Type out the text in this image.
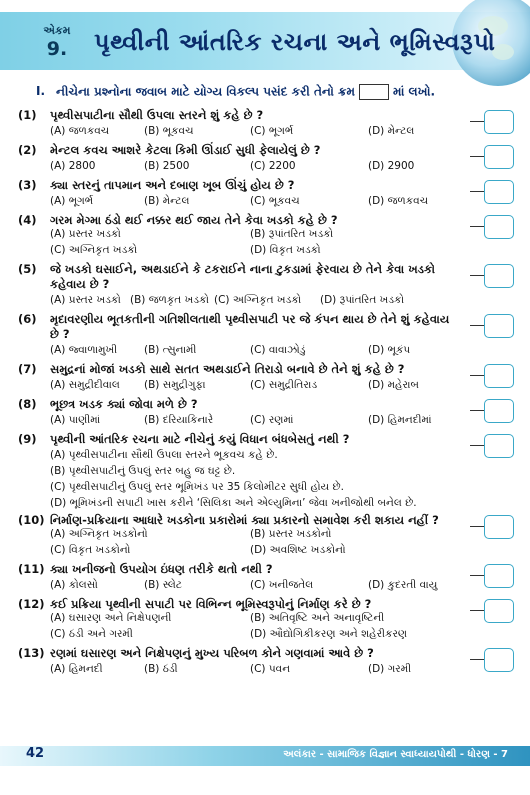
એકમ
9.	પૃથ્વીની આંતરિક રચના અને ભૂમિસ્વરૂપો
I. નીચેના પ્રશ્નોના જવાબ માટે યોગ્ય વિકલ્પ પસંદ કરી તેનો ક્રમ	માં લખો.
(1) પૃથ્વીસપાટીના સૌથી ઉપલા સ્તરને શું કહે છે ?
(A) જળકવચ	(B) ભૂકવચ	(C) ભૂગર્ભ	(D) મેન્ટલ
(2) મેન્ટલ કવચ આશરે કેટલા કિમી ઊંડાઈ સુધી ફેલાયેલું છે ?
(A) 2800	(B) 2500	(C) 2200	(D) 2900
(3) ક્યા સ્તરનું તાપમાન અને દબાણ ખૂબ ઊંચું હોય છે ?
(A) ભૂગર્ભ	(B) મેન્ટલ	(C) ભૂકવચ	(D) જળકવચ
(4) ગરમ મેગ્મા ઠંડો થઈ નક્કર થઈ જાય તેને કેવા ખડકો કહે છે ?
(A) પ્રસ્તર ખડકો	(B) રૂપાંતરિત ખડકો
(C) અગ્નિકૃત ખડકો	(D) વિકૃત ખડકો
(5) જે ખડકો ઘસાઈને, અથડાઈને કે ટકરાઈને નાના ટુકડામાં ફેરવાય છે તેને કેવા ખડકો કહેવાય છે ?
(A) પ્રસ્તર ખડકો (B) જળકૃત ખડકો (C) અગ્નિકૃત ખડકો (D) રૂપાંતરિત ખડકો
(6) મૃદાવરણીય ભૂતકતીની ગતિશીલતાથી પૃથ્વીસપાટી પર જે કંપન થાય છે તેને શું કહેવાય છે ?
(A) જ્વાળામુખી	(B) ત્સુનામી	(C) વાવાઝોડું	(D) ભૂકંપ
(7) સમુદ્રનાં મોજાં ખડકો સાથે સતત અથડાઈને તિરાડો બનાવે છે તેને શું કહે છે ?
(A) સમુદ્રીદીવાલ (B) સમુદ્રીગુફા	(C) સમુદ્રીતિરાડ	(D) મહેરાબ
(8) ભૂછત્ર ખડક ક્યાં જોવા મળે છે ?
(A) પાણીમાં	(B) દરિયાકિનારે	(C) રણમાં	(D) હિમનદીમાં
(9) પૃથ્વીની આંતરિક રચના માટે નીચેનું કયું વિધાન બંધબેસતું નથી ?
(A) પૃથ્વીસપાટીના સૌથી ઉપલા સ્તરને ભૂકવચ કહે છે.
(B) પૃથ્વીસપાટીનું ઉપલું સ્તર બહુ જ ઘટ્ટ છે.
(C) પૃથ્વીસપાટીનું ઉપલું સ્તર ભૂમિખંડ પર 35 કિલોમીટર સુધી હોય છે.
(D) ભૂમિખંડની સપાટી ખાસ કરીને ‘સિલિકા અને એલ્યુમિના’ જેવા ખનીજોથી બનેલ છે.
(10) નિર્માણ-પ્રક્રિયાના આધારે ખડકોના પ્રકારોમાં ક્યા પ્રકારનો સમાવેશ કરી શકાય નહીં ?
(A) અગ્નિકૃત ખડકોનો	(B) પ્રસ્તર ખડકોનો
(C) વિકૃત ખડકોનો	(D) અવશિષ્ટ ખડકોનો
(11) ક્યા ખનીજનો ઉપયોગ ઇંધણ તરીકે થતો નથી ?
(A) કોલસો	(B) સ્લેટ	(C) ખનીજતેલ	(D) કુદરતી વાયુ
(12) કઈ પ્રક્રિયા પૃથ્વીની સપાટી પર વિભિન્ન ભૂમિસ્વરૂપોનું નિર્માણ કરે છે ?
(A) ઘસારણ અને નિક્ષેપણની	(B) અતિવૃષ્ટિ અને અનાવૃષ્ટિની
(C) ઠંડી અને ગરમી	(D) ઔદ્યોગિકીકરણ અને શહેરીકરણ
(13) રણમાં ઘસારણ અને નિક્ષેપણનું મુખ્ય પરિબળ કોને ગણવામાં આવે છે ?
(A) હિમનદી	(B) ઠંડી	(C) પવન	(D) ગરમી
42	અલંકાર - સામાજિક વિજ્ઞાન સ્વાધ્યાયપોથી - ધોરણ - 7
